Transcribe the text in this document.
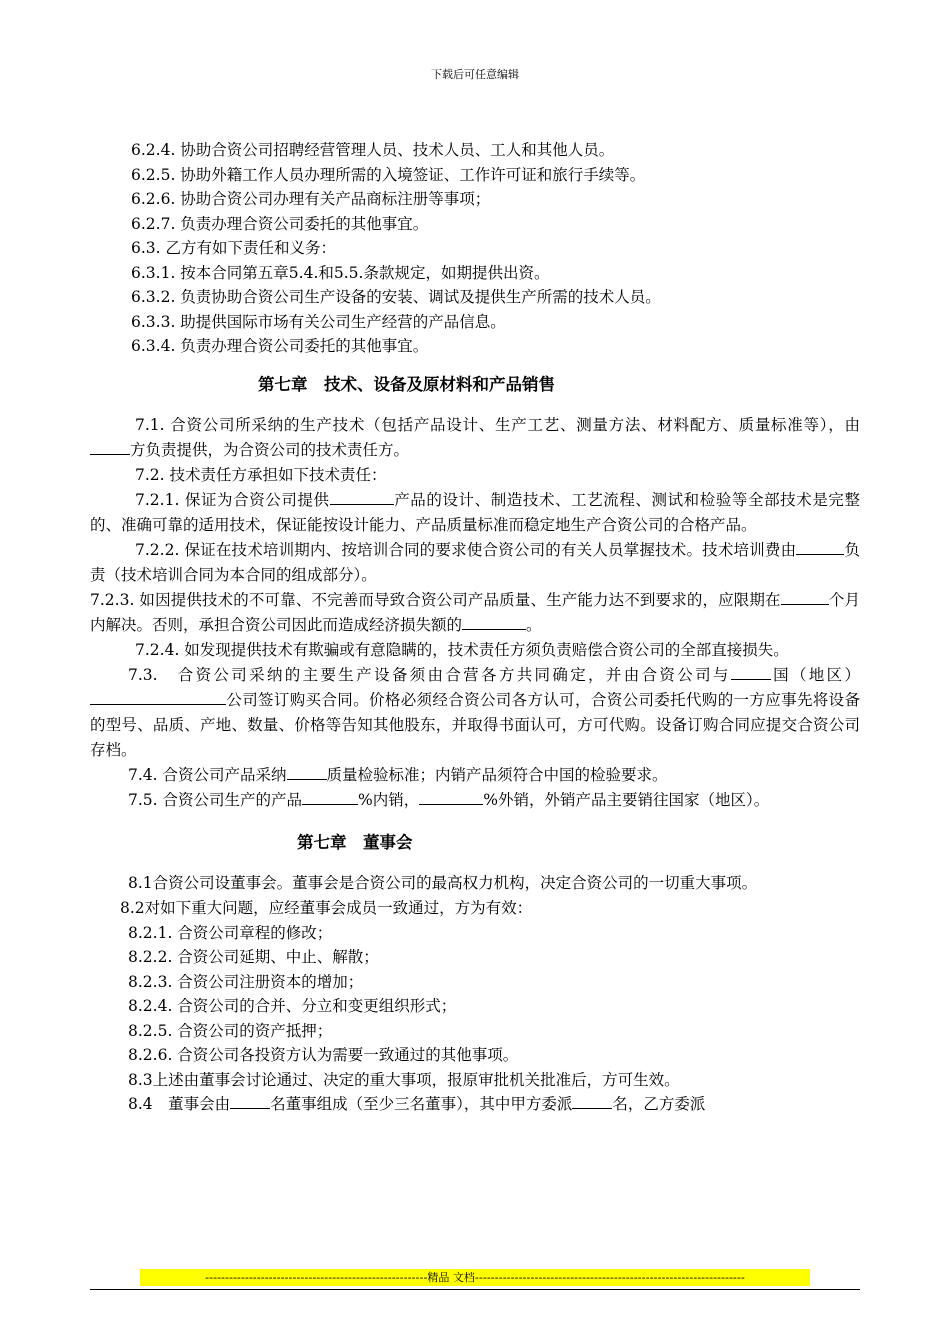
下载后可任意编辑
6.2.4. 协助合资公司招聘经营管理人员、技术人员、工人和其他人员。
6.2.5. 协助外籍工作人员办理所需的入境签证、工作许可证和旅行手续等。
6.2.6. 协助合资公司办理有关产品商标注册等事项；
6.2.7. 负责办理合资公司委托的其他事宜。
6.3. 乙方有如下责任和义务：
6.3.1. 按本合同第五章5.4.和5.5.条款规定，如期提供出资。
6.3.2. 负责协助合资公司生产设备的安装、调试及提供生产所需的技术人员。
6.3.3. 助提供国际市场有关公司生产经营的产品信息。
6.3.4. 负责办理合资公司委托的其他事宜。
第七章　技术、设备及原材料和产品销售
7.1. 合资公司所采纳的生产技术（包括产品设计、生产工艺、测量方法、材料配方、质量标准等），由方负责提供，为合资公司的技术责任方。
7.2. 技术责任方承担如下技术责任：
7.2.1. 保证为合资公司提供	产品的设计、制造技术、工艺流程、测试和检验等全部技术是完整的、准确可靠的适用技术，保证能按设计能力、产品质量标准而稳定地生产合资公司的合格产品。
7.2.2. 保证在技术培训期内、按培训合同的要求使合资公司的有关人员掌握技术。技术培训费由	负责（技术培训合同为本合同的组成部分）。
7.2.3. 如因提供技术的不可靠、不完善而导致合资公司产品质量、生产能力达不到要求的，应限期在	个月内解决。否则，承担合资公司因此而造成经济损失额的	。
7.2.4. 如发现提供技术有欺骗或有意隐瞒的，技术责任方须负责赔偿合资公司的全部直接损失。
7.3.　合资公司采纳的主要生产设备须由合营各方共同确定，并由合资公司与	国（地区）公司签订购买合同。价格必须经合资公司各方认可，合资公司委托代购的一方应事先将设备的型号、品质、产地、数量、价格等告知其他股东，并取得书面认可，方可代购。设备订购合同应提交合资公司存档。
7.4. 合资公司产品采纳	质量检验标准；内销产品须符合中国的检验要求。
7.5. 合资公司生产的产品	%内销，	%外销，外销产品主要销往国家（地区）。
第七章　董事会
8.1合资公司设董事会。董事会是合资公司的最高权力机构，决定合资公司的一切重大事项。
8.2对如下重大问题，应经董事会成员一致通过，方为有效：
8.2.1. 合资公司章程的修改；
8.2.2. 合资公司延期、中止、解散；
8.2.3. 合资公司注册资本的增加；
8.2.4. 合资公司的合并、分立和变更组织形式；
8.2.5. 合资公司的资产抵押；
8.2.6. 合资公司各投资方认为需要一致通过的其他事项。
8.3上述由董事会讨论通过、决定的重大事项，报原审批机关批准后，方可生效。
8.4　董事会由	名董事组成（至少三名董事），其中甲方委派	名，乙方委派
--------------------------------------------------------精品 文档--------------------------------------------------------------------
